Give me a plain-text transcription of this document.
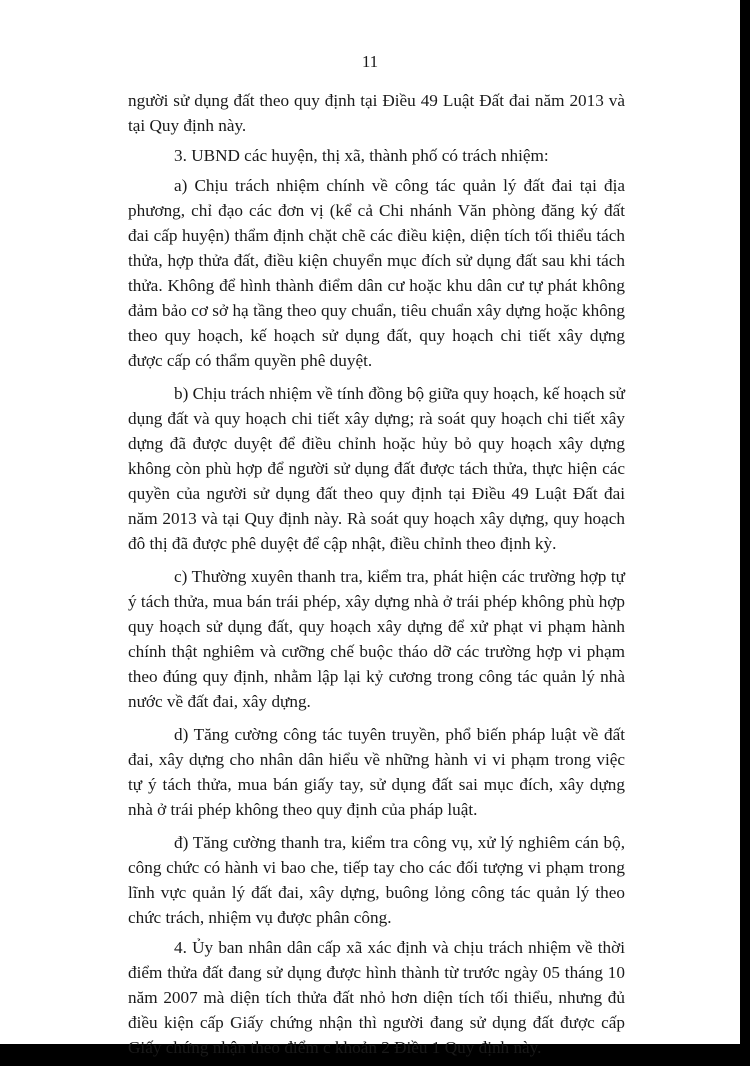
11

người sử dụng đất theo quy định tại Điều 49 Luật Đất đai năm 2013 và tại Quy định này.

3. UBND các huyện, thị xã, thành phố có trách nhiệm:

a) Chịu trách nhiệm chính về công tác quản lý đất đai tại địa phương, chỉ đạo các đơn vị (kể cả Chi nhánh Văn phòng đăng ký đất đai cấp huyện) thẩm định chặt chẽ các điều kiện, diện tích tối thiểu tách thửa, hợp thửa đất, điều kiện chuyển mục đích sử dụng đất sau khi tách thửa. Không để hình thành điểm dân cư hoặc khu dân cư tự phát không đảm bảo cơ sở hạ tầng theo quy chuẩn, tiêu chuẩn xây dựng hoặc không theo quy hoạch, kế hoạch sử dụng đất, quy hoạch chi tiết xây dựng được cấp có thẩm quyền phê duyệt.

b) Chịu trách nhiệm về tính đồng bộ giữa quy hoạch, kế hoạch sử dụng đất và quy hoạch chi tiết xây dựng; rà soát quy hoạch chi tiết xây dựng đã được duyệt để điều chỉnh hoặc hủy bỏ quy hoạch xây dựng không còn phù hợp để người sử dụng đất được tách thửa, thực hiện các quyền của người sử dụng đất theo quy định tại Điều 49 Luật Đất đai năm 2013 và tại Quy định này. Rà soát quy hoạch xây dựng, quy hoạch đô thị đã được phê duyệt để cập nhật, điều chỉnh theo định kỳ.

c) Thường xuyên thanh tra, kiểm tra, phát hiện các trường hợp tự ý tách thửa, mua bán trái phép, xây dựng nhà ở trái phép không phù hợp quy hoạch sử dụng đất, quy hoạch xây dựng để xử phạt vi phạm hành chính thật nghiêm và cưỡng chế buộc tháo dỡ các trường hợp vi phạm theo đúng quy định, nhằm lập lại kỷ cương trong công tác quản lý nhà nước về đất đai, xây dựng.

d) Tăng cường công tác tuyên truyền, phổ biến pháp luật về đất đai, xây dựng cho nhân dân hiểu về những hành vi vi phạm trong việc tự ý tách thửa, mua bán giấy tay, sử dụng đất sai mục đích, xây dựng nhà ở trái phép không theo quy định của pháp luật.

đ) Tăng cường thanh tra, kiểm tra công vụ, xử lý nghiêm cán bộ, công chức có hành vi bao che, tiếp tay cho các đối tượng vi phạm trong lĩnh vực quản lý đất đai, xây dựng, buông lỏng công tác quản lý theo chức trách, nhiệm vụ được phân công.

4. Ủy ban nhân dân cấp xã xác định và chịu trách nhiệm về thời điểm thửa đất đang sử dụng được hình thành từ trước ngày 05 tháng 10 năm 2007 mà diện tích thửa đất nhỏ hơn diện tích tối thiểu, nhưng đủ điều kiện cấp Giấy chứng nhận thì người đang sử dụng đất được cấp Giấy chứng nhận theo điểm c khoản 2 Điều 1 Quy định này.
